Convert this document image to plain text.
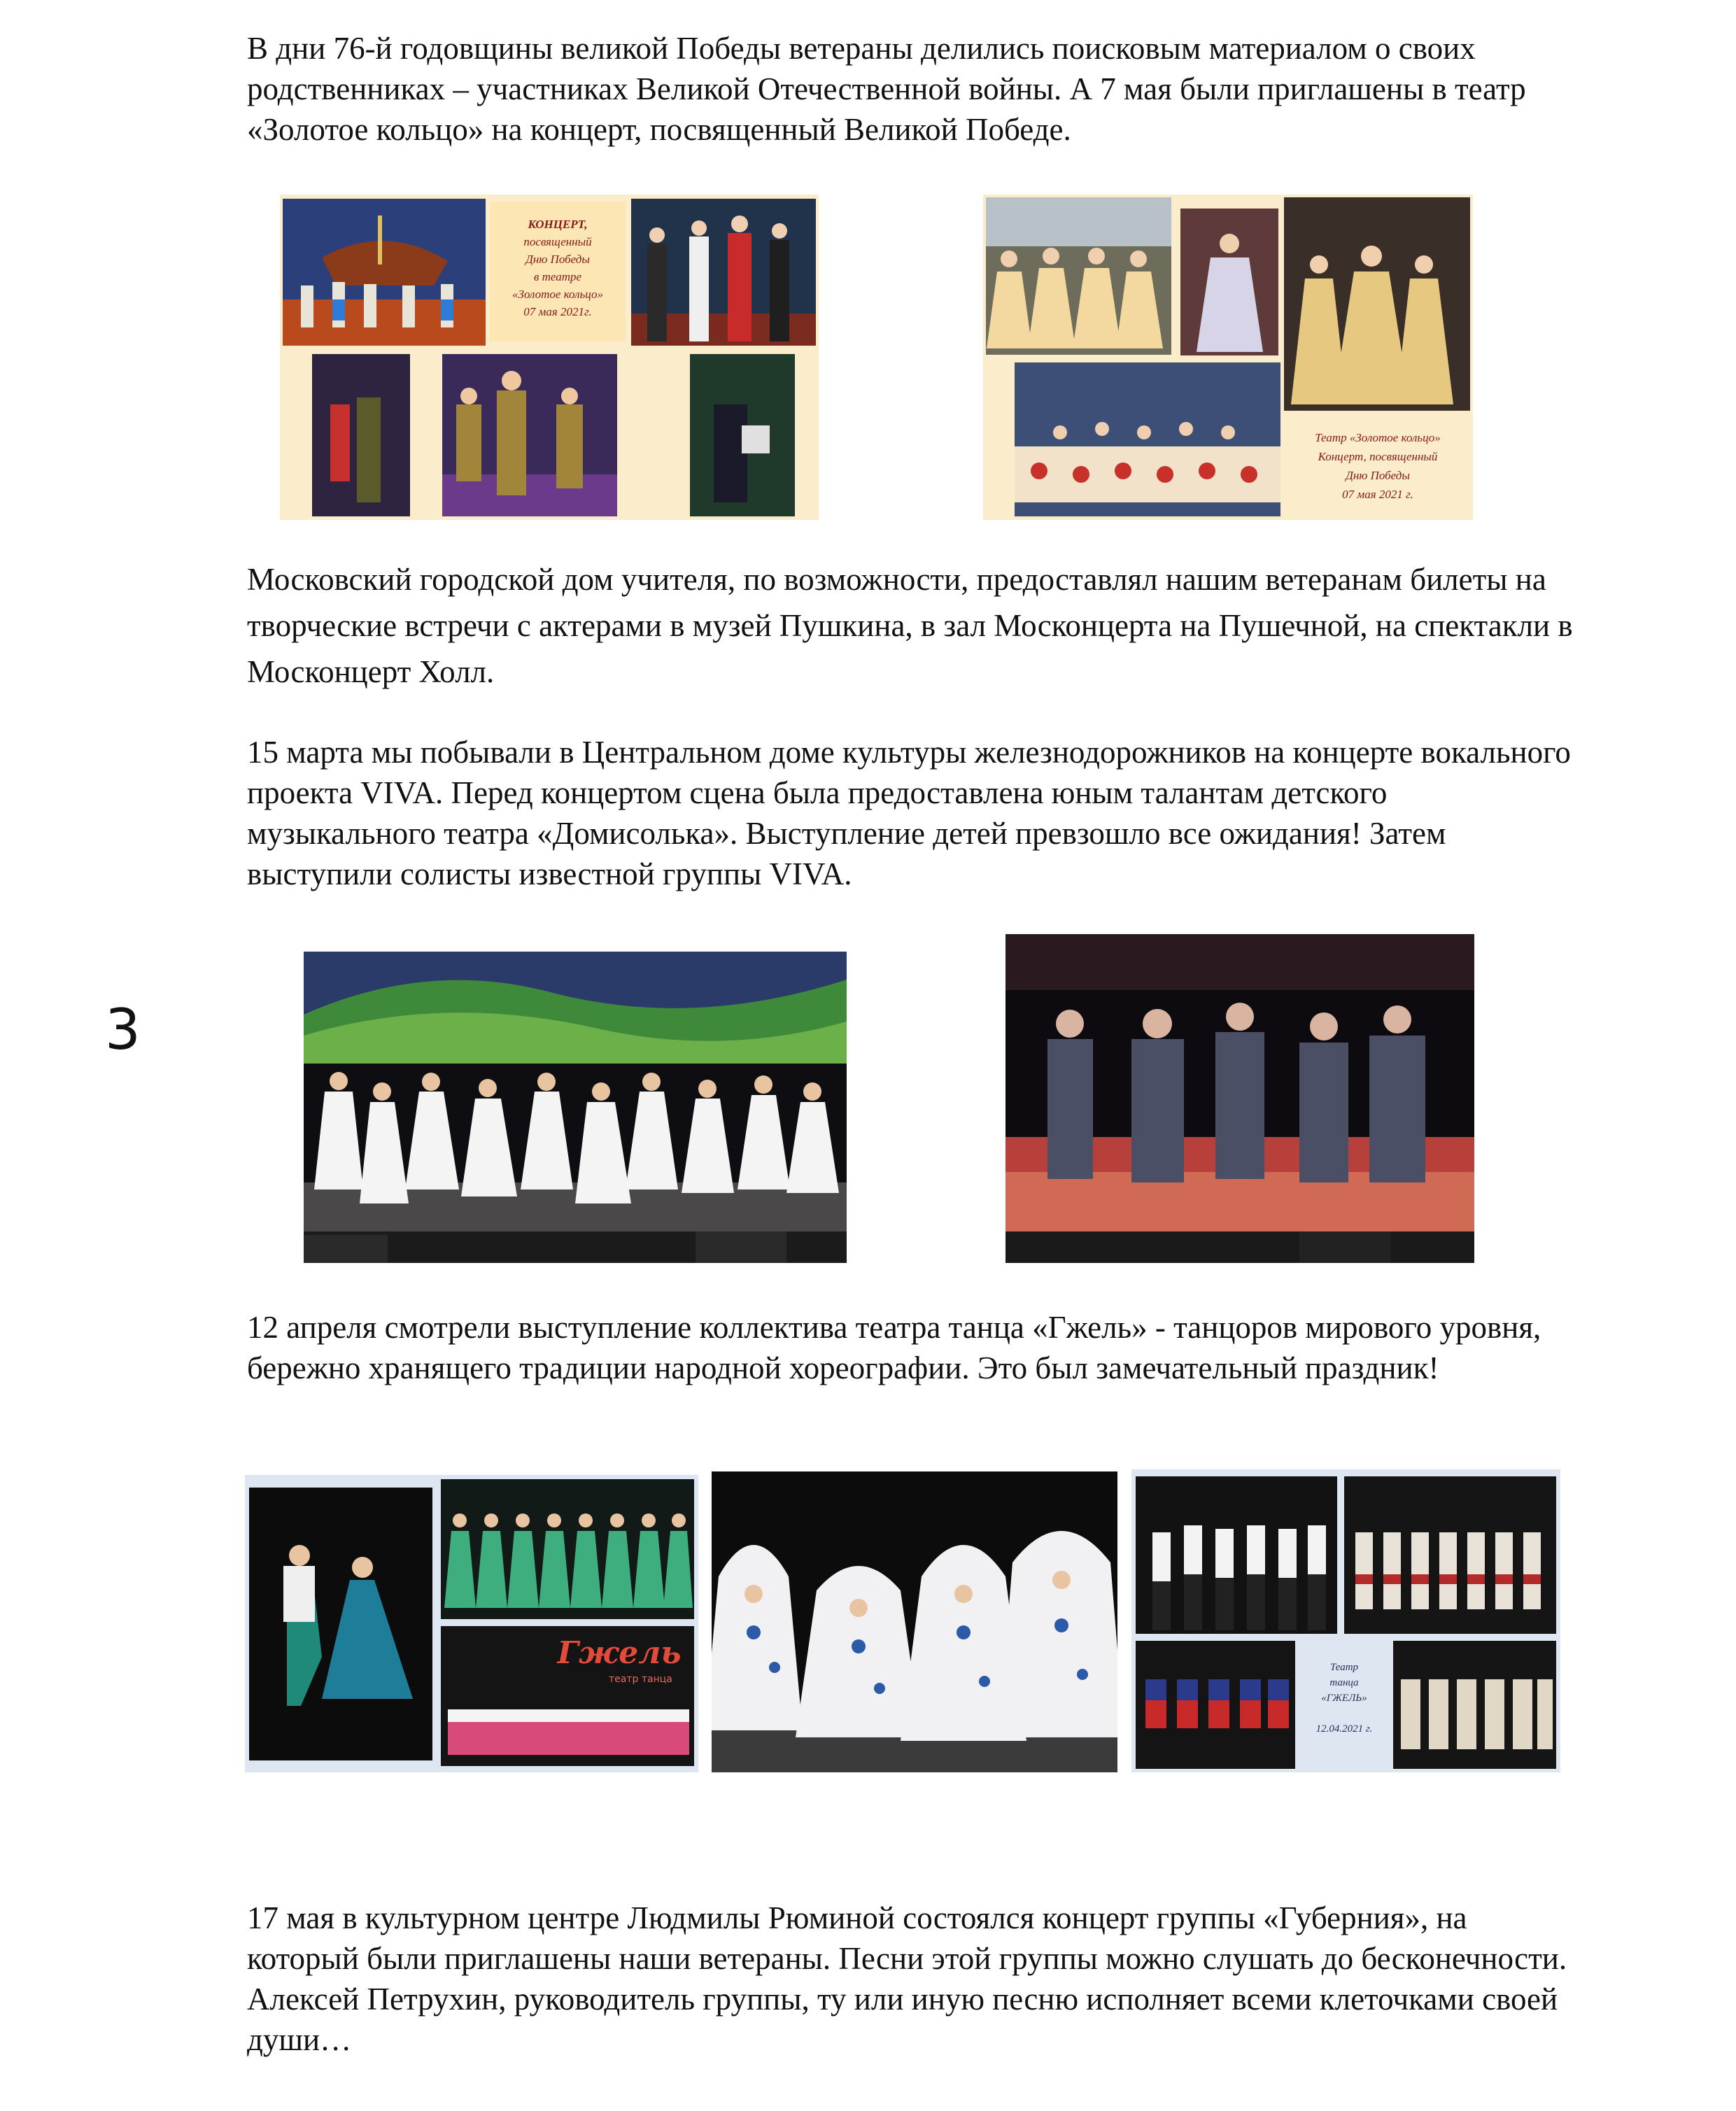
В дни 76-й годовщины великой Победы ветераны делились поисковым материалом о своих родственниках – участниках Великой Отечественной войны. А 7 мая были приглашены в театр «Золотое кольцо» на концерт, посвященный Великой Победе.

КОНЦЕРТ,
посвященный
Дню Победы
в театре
«Золотое кольцо»
07 мая 2021г.
Театр «Золотое кольцо»
Концерт, посвященный
Дню Победы
07 мая 2021 г.

Московский городской дом учителя, по возможности, предоставлял нашим ветеранам билеты на творческие встречи с актерами в музей Пушкина, в зал Москонцерта на Пушечной, на спектакли в Москонцерт Холл.

15 марта мы побывали в Центральном доме культуры железнодорожников на концерте вокального проекта VIVA. Перед концертом сцена была предоставлена юным талантам детского музыкального театра «Домисолька». Выступление детей превзошло все ожидания! Затем выступили солисты известной группы VIVA.

3

12 апреля смотрели выступление коллектива театра танца «Гжель» - танцоров мирового уровня, бережно хранящего традиции народной хореографии. Это был замечательный праздник!

Гжель
театр танца
Театр
танца
«ГЖЕЛЬ»
12.04.2021 г.

17 мая в культурном центре Людмилы Рюминой состоялся концерт группы «Губерния», на который были приглашены наши ветераны. Песни этой группы можно слушать до бесконечности. Алексей Петрухин, руководитель группы, ту или иную песню исполняет всеми клеточками своей души…
